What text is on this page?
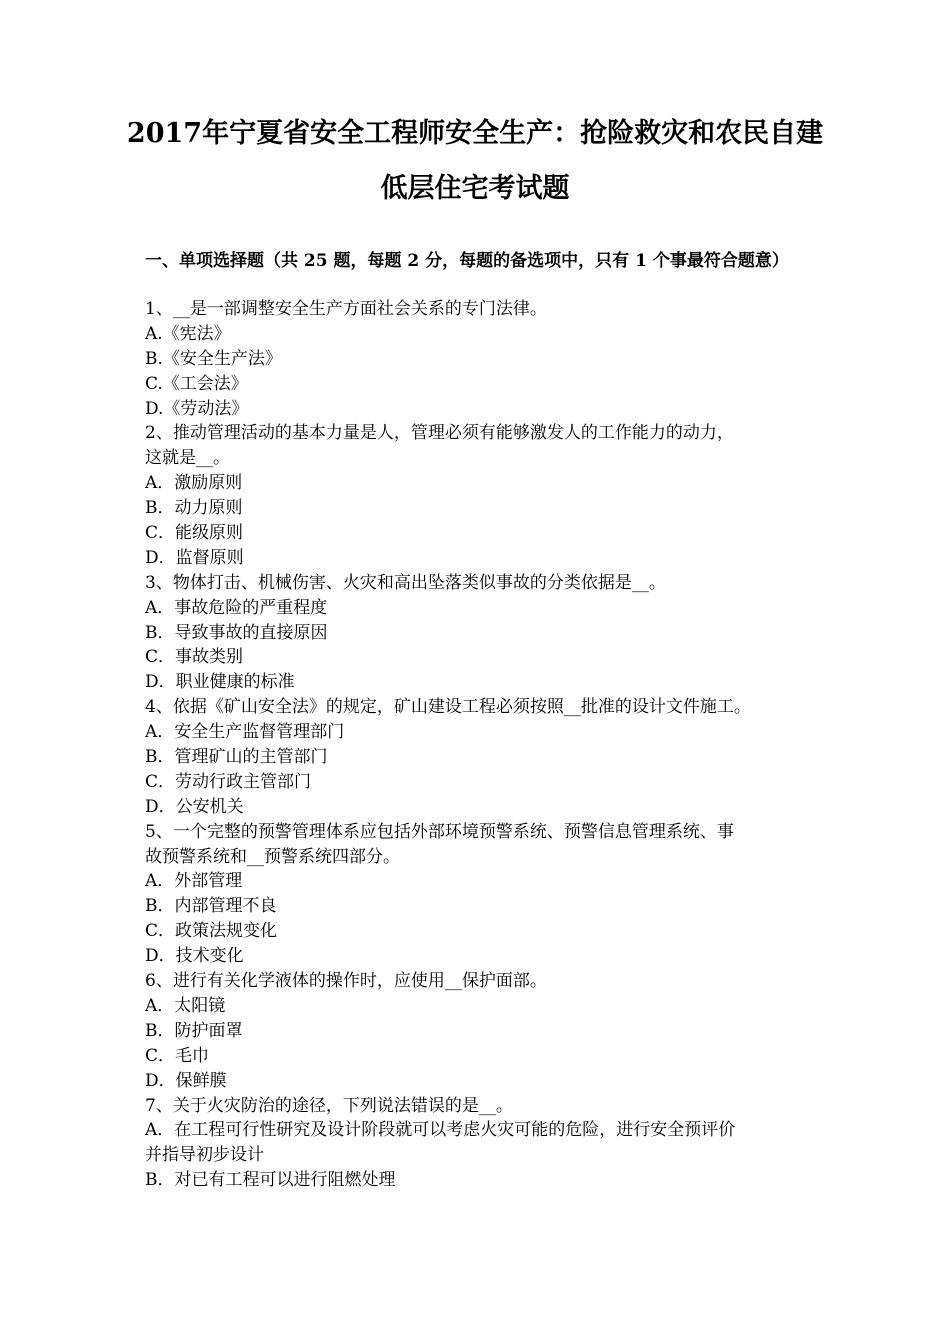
2017年宁夏省安全工程师安全生产：抢险救灾和农民自建
低层住宅考试题
一、单项选择题（共 25 题，每题 2 分，每题的备选项中，只有 1 个事最符合题意）
1、__是一部调整安全生产方面社会关系的专门法律。
A.《宪法》
B.《安全生产法》
C.《工会法》
D.《劳动法》
2、推动管理活动的基本力量是人，管理必须有能够激发人的工作能力的动力，
这就是__。
A．激励原则
B．动力原则
C．能级原则
D．监督原则
3、物体打击、机械伤害、火灾和高出坠落类似事故的分类依据是__。
A．事故危险的严重程度
B．导致事故的直接原因
C．事故类别
D．职业健康的标准
4、依据《矿山安全法》的规定，矿山建设工程必须按照__批准的设计文件施工。
A．安全生产监督管理部门
B．管理矿山的主管部门
C．劳动行政主管部门
D．公安机关
5、一个完整的预警管理体系应包括外部环境预警系统、预警信息管理系统、事
故预警系统和__预警系统四部分。
A．外部管理
B．内部管理不良
C．政策法规变化
D．技术变化
6、进行有关化学液体的操作时，应使用__保护面部。
A．太阳镜
B．防护面罩
C．毛巾
D．保鲜膜
7、关于火灾防治的途径，下列说法错误的是__。
A．在工程可行性研究及设计阶段就可以考虑火灾可能的危险，进行安全预评价
并指导初步设计
B．对已有工程可以进行阻燃处理
